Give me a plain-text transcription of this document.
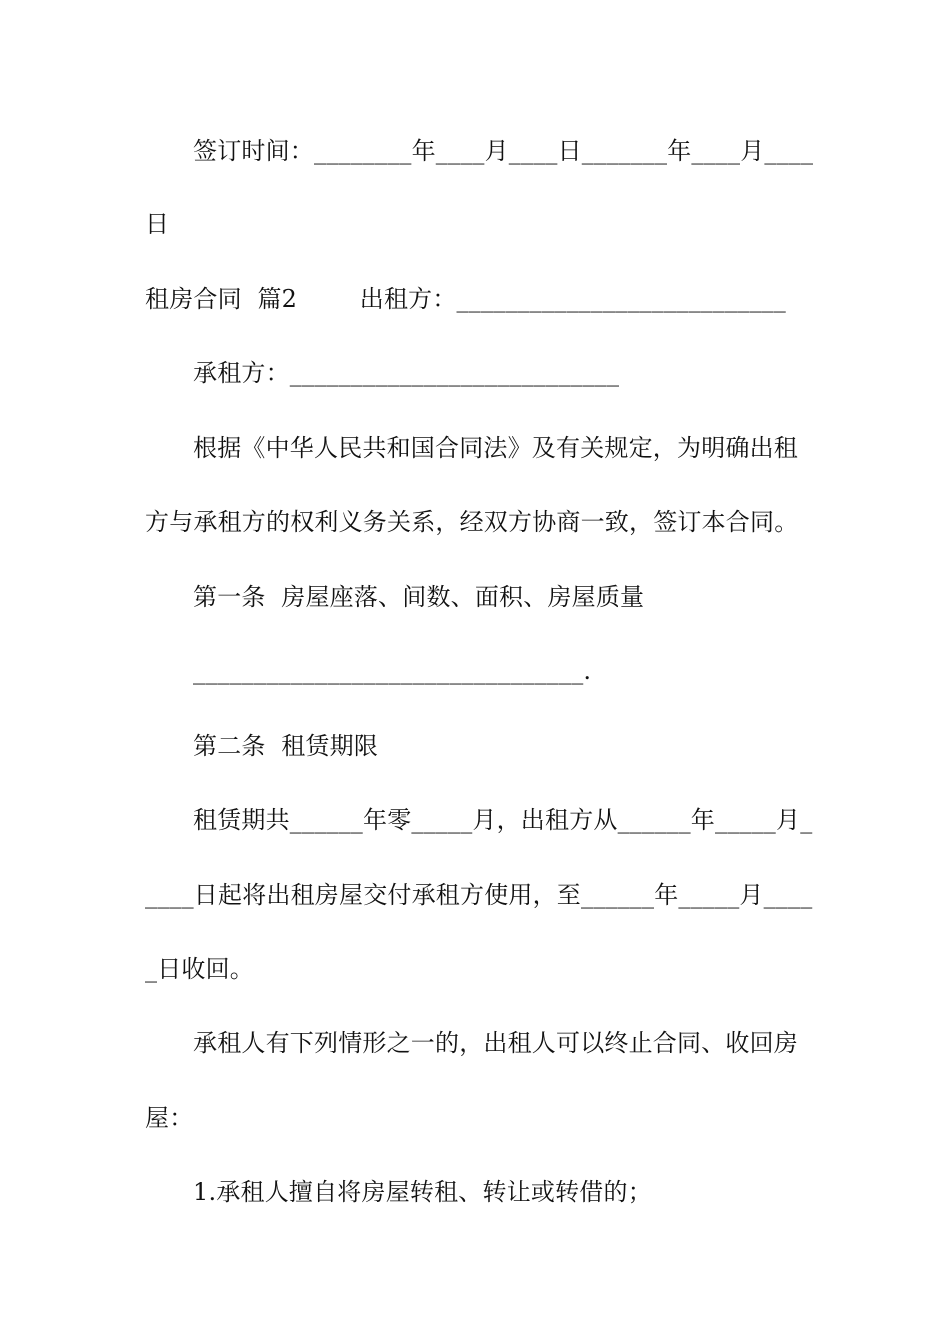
签订时间：________年____月____日_______年____月____
日
租房合同  篇2        出租方：___________________________
承租方：___________________________
根据《中华人民共和国合同法》及有关规定，为明确出租
方与承租方的权利义务关系，经双方协商一致，签订本合同。
第一条  房屋座落、间数、面积、房屋质量
________________________________.
第二条  租赁期限
租赁期共______年零_____月，出租方从______年_____月_
____日起将出租房屋交付承租方使用，至______年_____月____
_日收回。
承租人有下列情形之一的，出租人可以终止合同、收回房
屋：
1.承租人擅自将房屋转租、转让或转借的；
